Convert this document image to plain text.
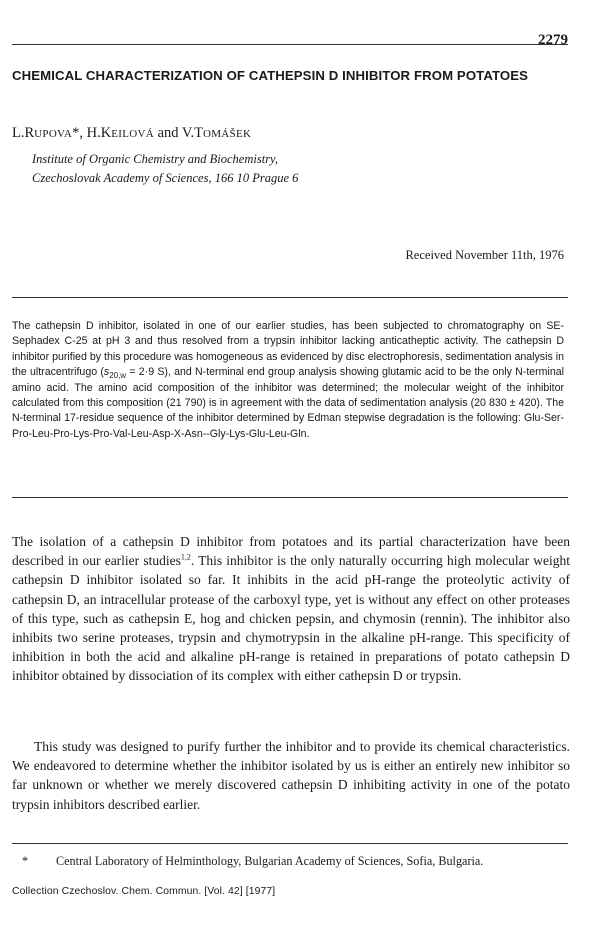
2279
CHEMICAL CHARACTERIZATION OF CATHEPSIN D INHIBITOR FROM POTATOES

L.RUPOVA*, H.KEILOVÁ and V.TOMÁŠEK

Institute of Organic Chemistry and Biochemistry,
Czechoslovak Academy of Sciences, 166 10 Prague 6
Received November 11th, 1976

The cathepsin D inhibitor, isolated in one of our earlier studies, has been subjected to chromatography on SE-Sephadex C-25 at pH 3 and thus resolved from a trypsin inhibitor lacking anticatheptic activity. The cathepsin D inhibitor purified by this procedure was homogeneous as evidenced by disc electrophoresis, sedimentation analysis in the ultracentrifugo ($s_{20,w} = 2\cdot 9$ S), and N-terminal end group analysis showing glutamic acid to be the only N-terminal amino acid. The amino acid composition of the inhibitor was determined; the molecular weight of the inhibitor calculated from this composition (21 790) is in agreement with the data of sedimentation analysis (20 830 ± 420). The N-terminal 17-residue sequence of the inhibitor determined by Edman stepwise degradation is the following: Glu-Ser-Pro-Leu-Pro-Lys-Pro-Val-Leu-Asp-X-Asn--Gly-Lys-Glu-Leu-Gln.

The isolation of a cathepsin D inhibitor from potatoes and its partial characterization have been described in our earlier studies$^{1,2}$. This inhibitor is the only naturally occurring high molecular weight cathepsin D inhibitor isolated so far. It inhibits in the acid pH-range the proteolytic activity of cathepsin D, an intracellular protease of the carboxyl type, yet is without any effect on other proteases of this type, such as cathepsin E, hog and chicken pepsin, and chymosin (rennin). The inhibitor also inhibits two serine proteases, trypsin and chymotrypsin in the alkaline pH-range. This specificity of inhibition in both the acid and alkaline pH-range is retained in preparations of potato cathepsin D inhibitor obtained by dissociation of its complex with either cathepsin D or trypsin.

This study was designed to purify further the inhibitor and to provide its chemical characteristics. We endeavored to determine whether the inhibitor isolated by us is either an entirely new inhibitor so far unknown or whether we merely discovered cathepsin D inhibiting activity in one of the potato trypsin inhibitors described earlier.

* Central Laboratory of Helminthology, Bulgarian Academy of Sciences, Sofia, Bulgaria.
Collection Czechoslov. Chem. Commun. [Vol. 42] [1977]
